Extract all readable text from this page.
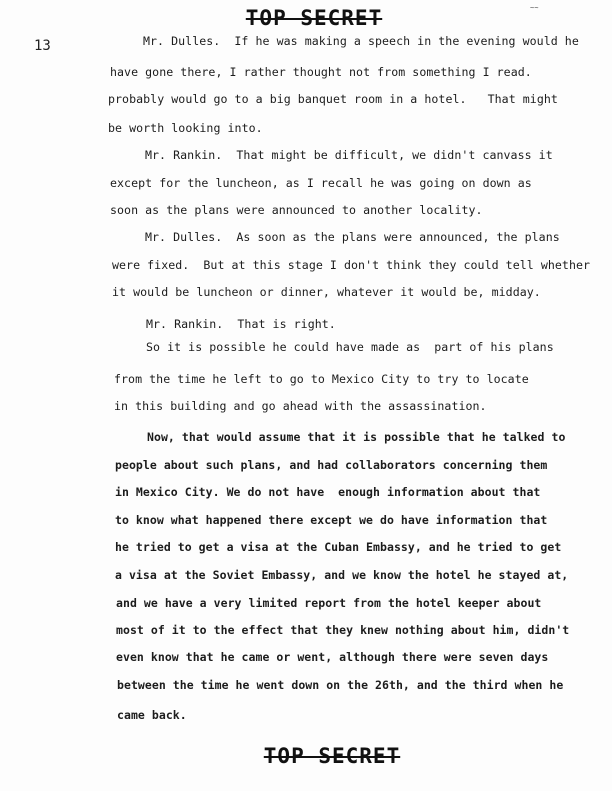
TOP SECRET	~~
13	Mr. Dulles.  If he was making a speech in the evening would he
have gone there, I rather thought not from something I read.
probably would go to a big banquet room in a hotel.   That might
be worth looking into.
Mr. Rankin.  That might be difficult, we didn't canvass it
except for the luncheon, as I recall he was going on down as
soon as the plans were announced to another locality.
Mr. Dulles.  As soon as the plans were announced, the plans
were fixed.  But at this stage I don't think they could tell whether
it would be luncheon or dinner, whatever it would be, midday.
Mr. Rankin.  That is right.
So it is possible he could have made as  part of his plans
from the time he left to go to Mexico City to try to locate
in this building and go ahead with the assassination.
Now, that would assume that it is possible that he talked to
people about such plans, and had collaborators concerning them
in Mexico City. We do not have  enough information about that
to know what happened there except we do have information that
he tried to get a visa at the Cuban Embassy, and he tried to get
a visa at the Soviet Embassy, and we know the hotel he stayed at,
and we have a very limited report from the hotel keeper about
most of it to the effect that they knew nothing about him, didn't
even know that he came or went, although there were seven days
between the time he went down on the 26th, and the third when he
came back.
TOP SECRET
